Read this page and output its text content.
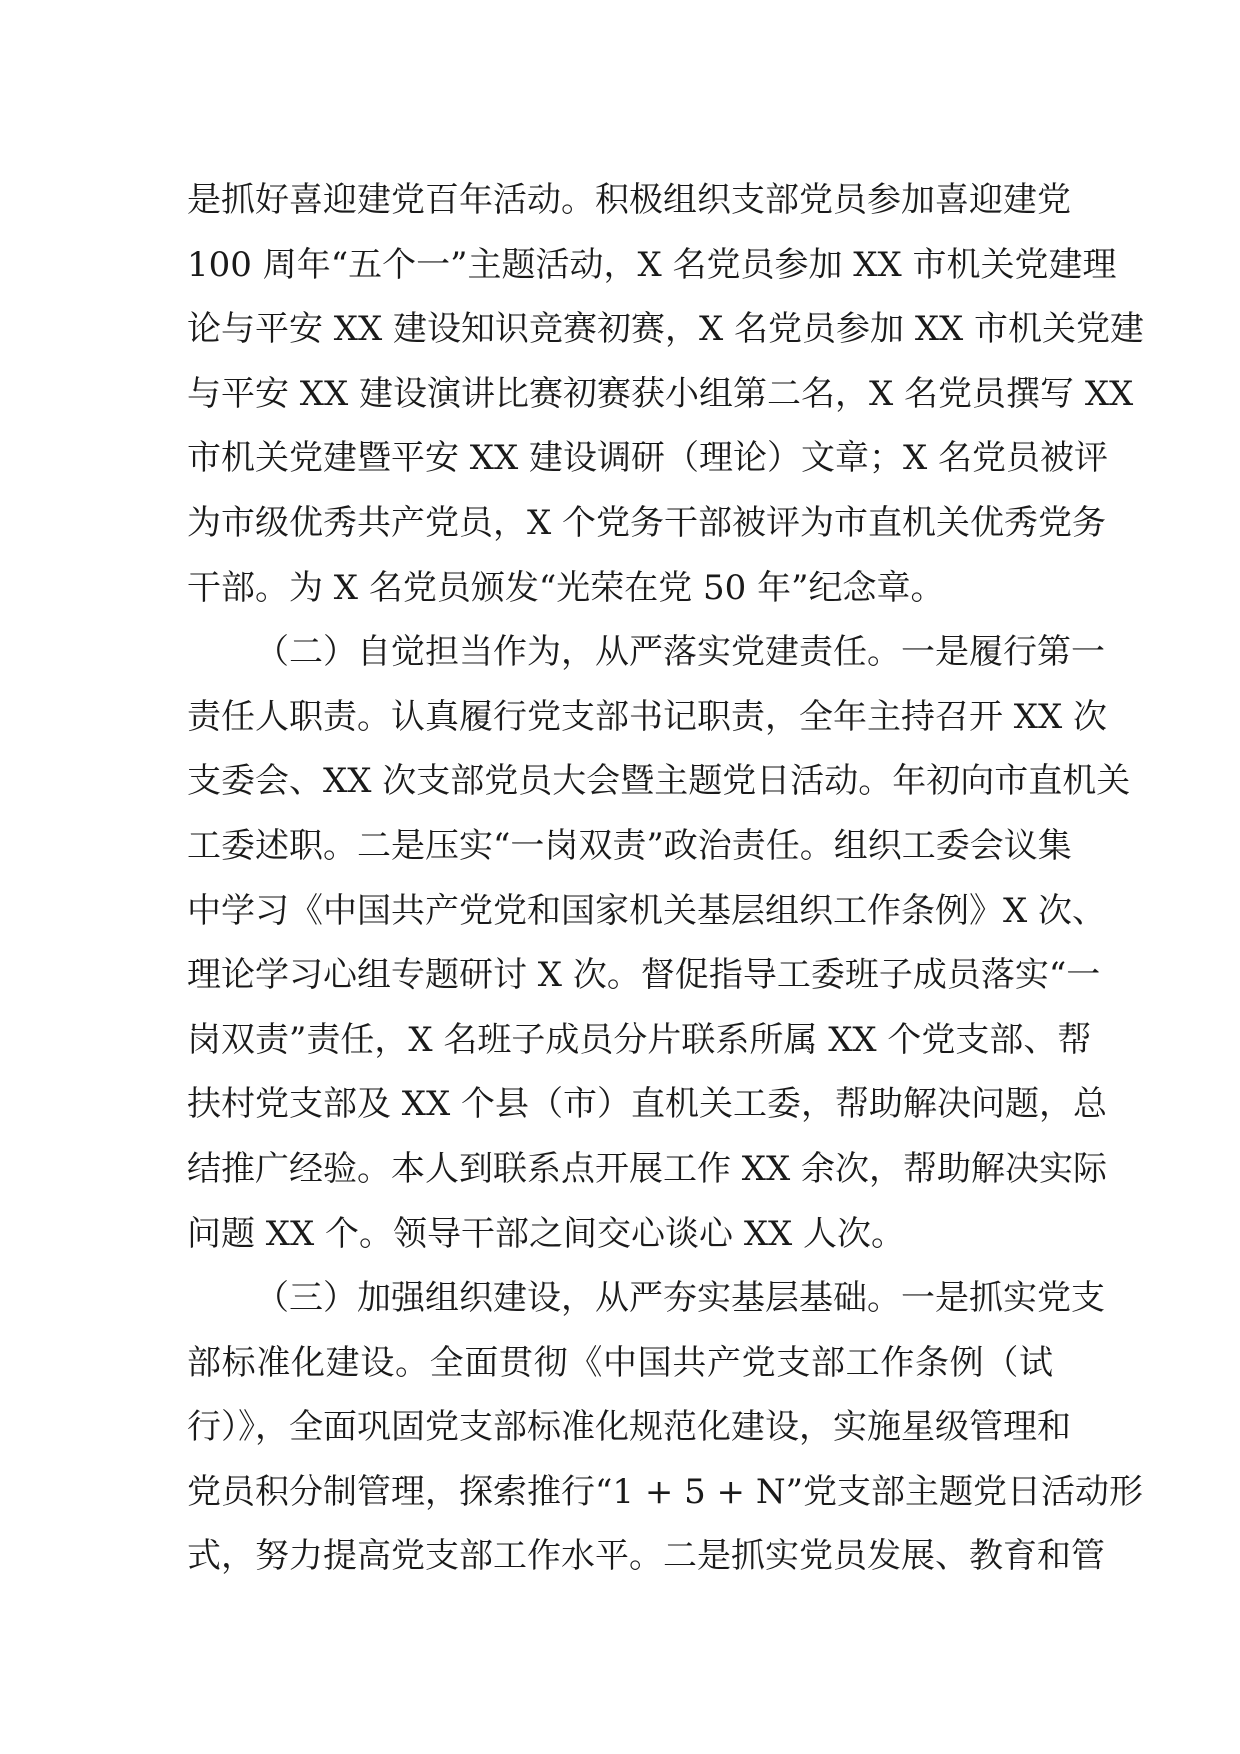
是抓好喜迎建党百年活动。积极组织支部党员参加喜迎建党
100 周年“五个一”主题活动，X 名党员参加 XX 市机关党建理
论与平安 XX 建设知识竞赛初赛，X 名党员参加 XX 市机关党建
与平安 XX 建设演讲比赛初赛获小组第二名，X 名党员撰写 XX
市机关党建暨平安 XX 建设调研（理论）文章；X 名党员被评
为市级优秀共产党员，X 个党务干部被评为市直机关优秀党务
干部。为 X 名党员颁发“光荣在党 50 年”纪念章。
（二）自觉担当作为，从严落实党建责任。一是履行第一
责任人职责。认真履行党支部书记职责，全年主持召开 XX 次
支委会、XX 次支部党员大会暨主题党日活动。年初向市直机关
工委述职。二是压实“一岗双责”政治责任。组织工委会议集
中学习《中国共产党党和国家机关基层组织工作条例》X 次、
理论学习心组专题研讨 X 次。督促指导工委班子成员落实“一
岗双责”责任，X 名班子成员分片联系所属 XX 个党支部、帮
扶村党支部及 XX 个县（市）直机关工委，帮助解决问题，总
结推广经验。本人到联系点开展工作 XX 余次，帮助解决实际
问题 XX 个。领导干部之间交心谈心 XX 人次。
（三）加强组织建设，从严夯实基层基础。一是抓实党支
部标准化建设。全面贯彻《中国共产党支部工作条例（试
行）》，全面巩固党支部标准化规范化建设，实施星级管理和
党员积分制管理，探索推行“1 + 5 + N”党支部主题党日活动形
式，努力提高党支部工作水平。二是抓实党员发展、教育和管
